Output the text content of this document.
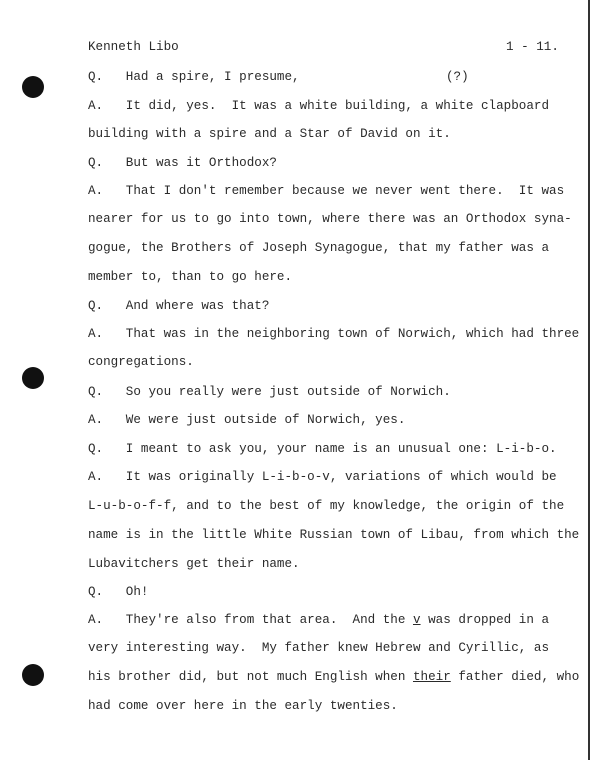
Kenneth Libo	1 - 11.
Q.   Had a spire, I presume,	(?)
A.   It did, yes.  It was a white building, a white clapboard
building with a spire and a Star of David on it.
Q.   But was it Orthodox?
A.   That I don't remember because we never went there.  It was
nearer for us to go into town, where there was an Orthodox syna-
gogue, the Brothers of Joseph Synagogue, that my father was a
member to, than to go here.
Q.   And where was that?
A.   That was in the neighboring town of Norwich, which had three
congregations.
Q.   So you really were just outside of Norwich.
A.   We were just outside of Norwich, yes.
Q.   I meant to ask you, your name is an unusual one: L-i-b-o.
A.   It was originally L-i-b-o-v, variations of which would be
L-u-b-o-f-f, and to the best of my knowledge, the origin of the
name is in the little White Russian town of Libau, from which the
Lubavitchers get their name.
Q.   Oh!
A.   They're also from that area.  And the v was dropped in a
very interesting way.  My father knew Hebrew and Cyrillic, as
his brother did, but not much English when their father died, who
had come over here in the early twenties.
